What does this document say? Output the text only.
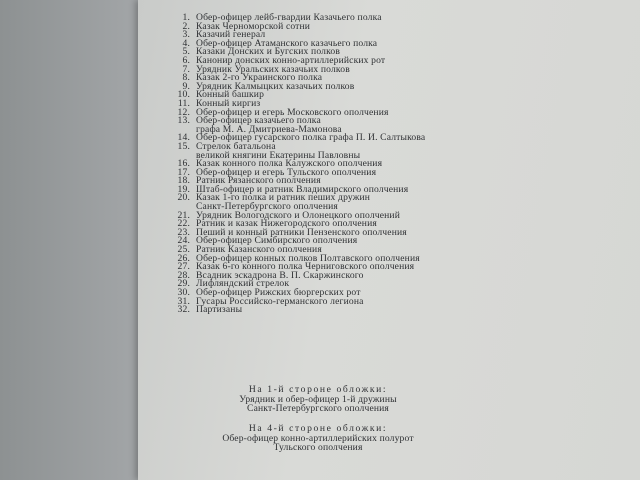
1. Обер-офицер лейб-гвардии Казачьего полка
2. Казак Черноморской сотни
3. Казачий генерал
4. Обер-офицер Атаманского казачьего полка
5. Казаки Донских и Бугских полков
6. Канонир донских конно-артиллерийских рот
7. Урядник Уральских казачьих полков
8. Казак 2-го Украинского полка
9. Урядник Калмыцких казачьих полков
10. Конный башкир
11. Конный киргиз
12. Обер-офицер и егерь Московского ополчения
13. Обер-офицер казачьего полка
графа М. А. Дмитриева-Мамонова
14. Обер-офицер гусарского полка графа П. И. Салтыкова
15. Стрелок батальона
великой княгини Екатерины Павловны
16. Казак конного полка Калужского ополчения
17. Обер-офицер и егерь Тульского ополчения
18. Ратник Рязанского ополчения
19. Штаб-офицер и ратник Владимирского ополчения
20. Казак 1-го полка и ратник пеших дружин
Санкт-Петербургского ополчения
21. Урядник Вологодского и Олонецкого ополчений
22. Ратник и казак Нижегородского ополчения
23. Пеший и конный ратники Пензенского ополчения
24. Обер-офицер Симбирского ополчения
25. Ратник Казанского ополчения
26. Обер-офицер конных полков Полтавского ополчения
27. Казак 6-го конного полка Черниговского ополчения
28. Всадник эскадрона В. П. Скаржинского
29. Лифляндский стрелок
30. Обер-офицер Рижских бюргерских рот
31. Гусары Российско-германского легиона
32. Партизаны
На 1-й стороне обложки:
Урядник и обер-офицер 1-й дружины
Санкт-Петербургского ополчения
На 4-й стороне обложки:
Обер-офицер конно-артиллерийских полурот
Тульского ополчения
